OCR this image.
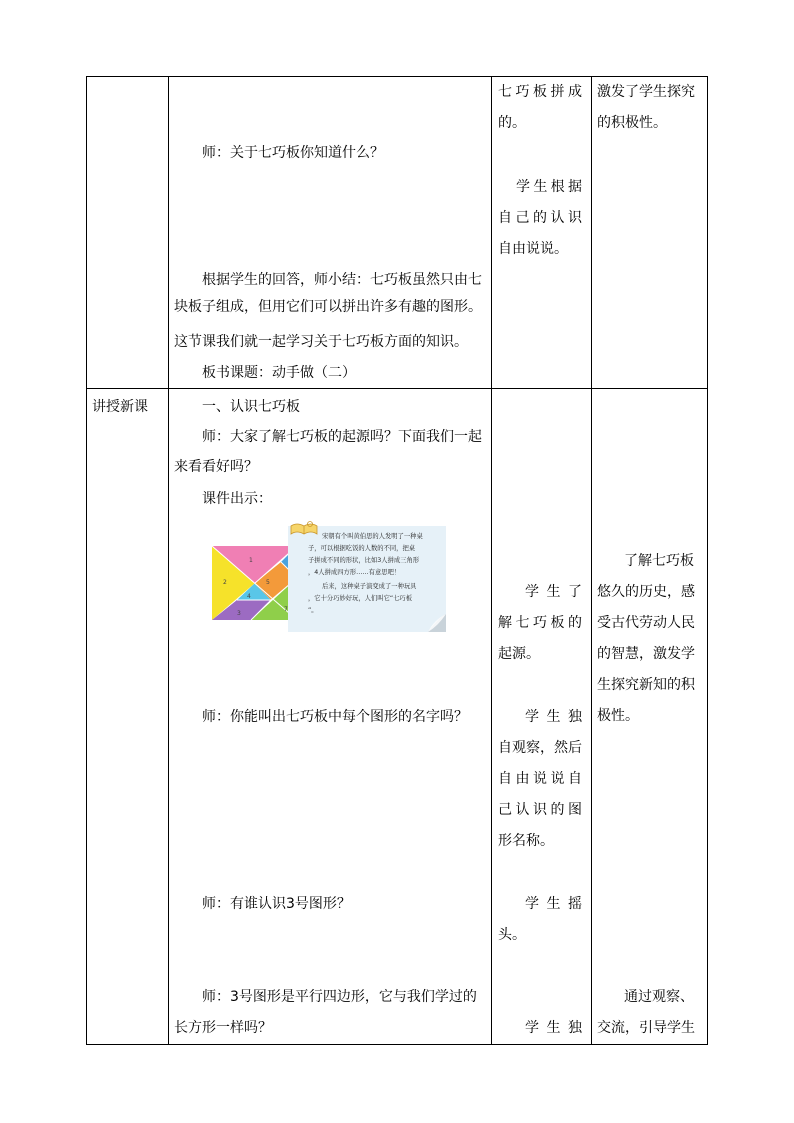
师：关于七巧板你知道什么？
根据学生的回答，师小结：七巧板虽然只由七
块板子组成，但用它们可以拼出许多有趣的图形。
这节课我们就一起学习关于七巧板方面的知识。
板书课题：动手做（二）
七巧板拼成
的。
学生根据
自己的认识
自由说说。
激发了学生探究
的积极性。
讲授新课	一、认识七巧板
师：大家了解七巧板的起源吗？下面我们一起
来看看好吗？
课件出示：
1
2
3
4
5
7
宋朝有个叫黄伯思的人发明了一种桌
子，可以根据吃饭的人数的不同，把桌
子拼成不同的形状，比如3人拼成三角形
，4人拼成四方形……有意思吧！
后来，这种桌子演变成了一种玩具
，它十分巧妙好玩，人们叫它“七巧板
”。
师：你能叫出七巧板中每个图形的名字吗？
师：有谁认识3号图形？
师：3号图形是平行四边形，它与我们学过的
长方形一样吗？
学生了
解七巧板的
起源。
学生独
自观察，然后
自由说说自
己认识的图
形名称。
学生摇
头。
学生独
了解七巧板
悠久的历史，感
受古代劳动人民
的智慧，激发学
生探究新知的积
极性。
通过观察、
交流，引导学生
